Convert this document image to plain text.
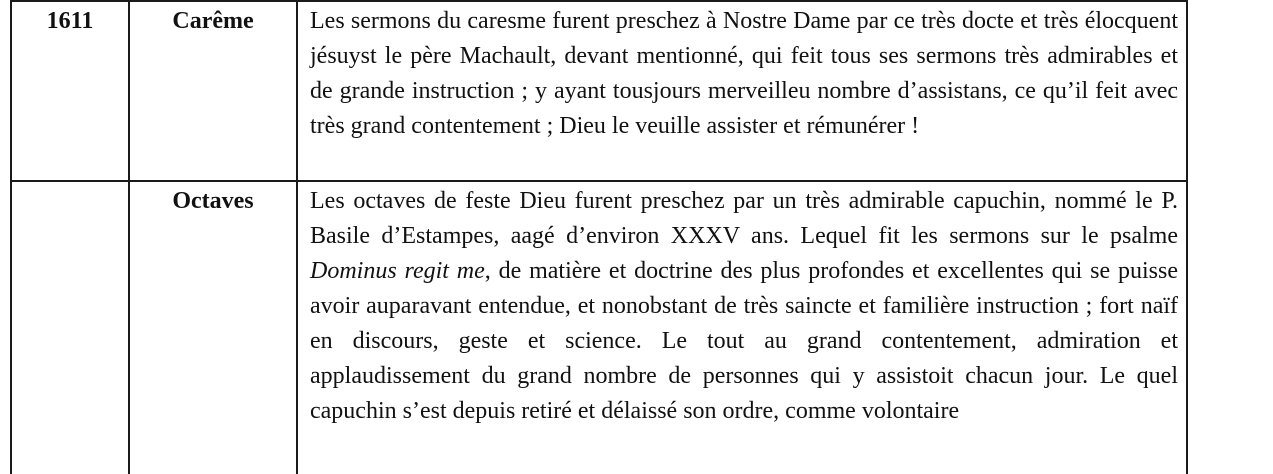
1611	Carême	Les sermons du caresme furent preschez à Nostre Dame par ce très docte et très élocquent jésuyst le père Machault, devant mentionné, qui feit tous ses sermons très admirables et de grande instruction ; y ayant tousjours merveilleu nombre d’assistans, ce qu’il feit avec très grand contentement ; Dieu le veuille assister et rémunérer !
	Octaves	Les octaves de feste Dieu furent preschez par un très admirable capuchin, nommé le P. Basile d’Estampes, aagé d’environ XXXV ans. Lequel fit les sermons sur le psalme Dominus regit me, de matière et doctrine des plus profondes et excellentes qui se puisse avoir auparavant entendue, et nonobstant de très saincte et familière instruction ; fort naïf en discours, geste et science. Le tout au grand contentement, admiration et applaudissement du grand nombre de personnes qui y assistoit chacun jour. Le quel capuchin s’est depuis retiré et délaissé son ordre, comme volontaire
